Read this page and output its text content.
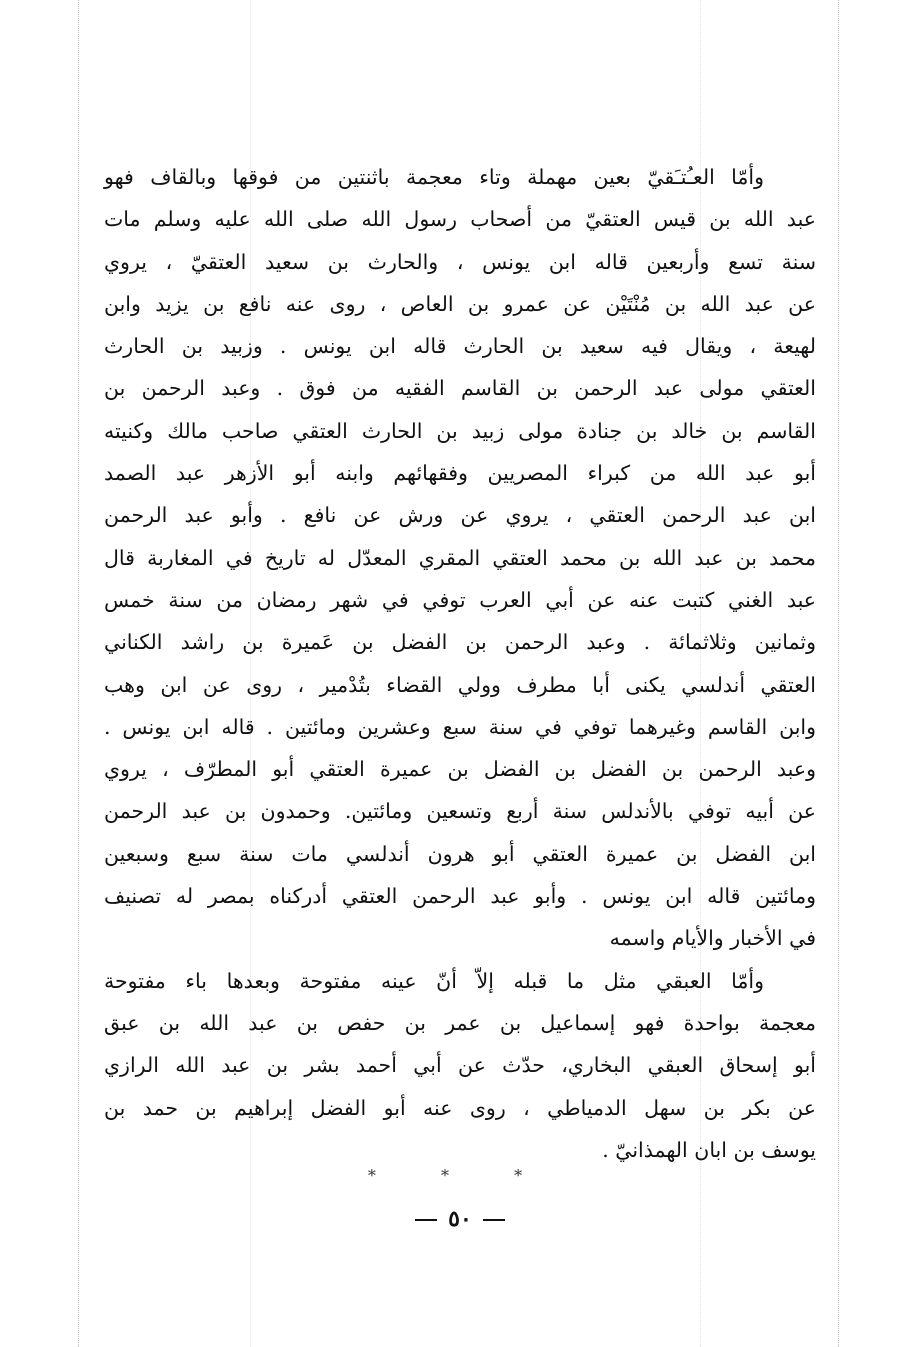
وأمّا العـُتـَقيّ بعين مهملة وتاء معجمة باثنتين من فوقها وبالقاف فهو
عبد الله بن قيس العتقيّ من أصحاب رسول الله صلى الله عليه وسلم مات
سنة تسع وأربعين قاله ابن يونس ، والحارث بن سعيد العتقيّ ، يروي
عن عبد الله بن مُنْتَيْن عن عمرو بن العاص ، روى عنه نافع بن يزيد وابن
لهيعة ، ويقال فيه سعيد بن الحارث قاله ابن يونس . وزبيد بن الحارث
العتقي مولى عبد الرحمن بن القاسم الفقيه من فوق . وعبد الرحمن بن
القاسم بن خالد بن جنادة مولى زبيد بن الحارث العتقي صاحب مالك وكنيته
أبو عبد الله من كبراء المصريين وفقهائهم وابنه أبو الأزهر عبد الصمد
ابن عبد الرحمن العتقي ، يروي عن ورش عن نافع . وأبو عبد الرحمن
محمد بن عبد الله بن محمد العتقي المقري المعدّل له تاريخ في المغاربة قال
عبد الغني كتبت عنه عن أبي العرب توفي في شهر رمضان من سنة خمس
وثمانين وثلاثمائة . وعبد الرحمن بن الفضل بن عَميرة بن راشد الكناني
العتقي أندلسي يكنى أبا مطرف وولي القضاء بتُدْمير ، روى عن ابن وهب
وابن القاسم وغيرهما توفي في سنة سبع وعشرين ومائتين . قاله ابن يونس .
وعبد الرحمن بن الفضل بن الفضل بن عميرة العتقي أبو المطرّف ، يروي
عن أبيه توفي بالأندلس سنة أربع وتسعين ومائتين. وحمدون بن عبد الرحمن
ابن الفضل بن عميرة العتقي أبو هرون أندلسي مات سنة سبع وسبعين
ومائتين قاله ابن يونس . وأبو عبد الرحمن العتقي أدركناه بمصر له تصنيف
في الأخبار والأيام واسمه
وأمّا العبقي مثل ما قبله إلاّ أنّ عينه مفتوحة وبعدها باء مفتوحة
معجمة بواحدة فهو إسماعيل بن عمر بن حفص بن عبد الله بن عبق
أبو إسحاق العبقي البخاري، حدّث عن أبي أحمد بشر بن عبد الله الرازي
عن بكر بن سهل الدمياطي ، روى عنه أبو الفضل إبراهيم بن حمد بن
يوسف بن ابان الهمذانيّ .
* * *
٥٠
